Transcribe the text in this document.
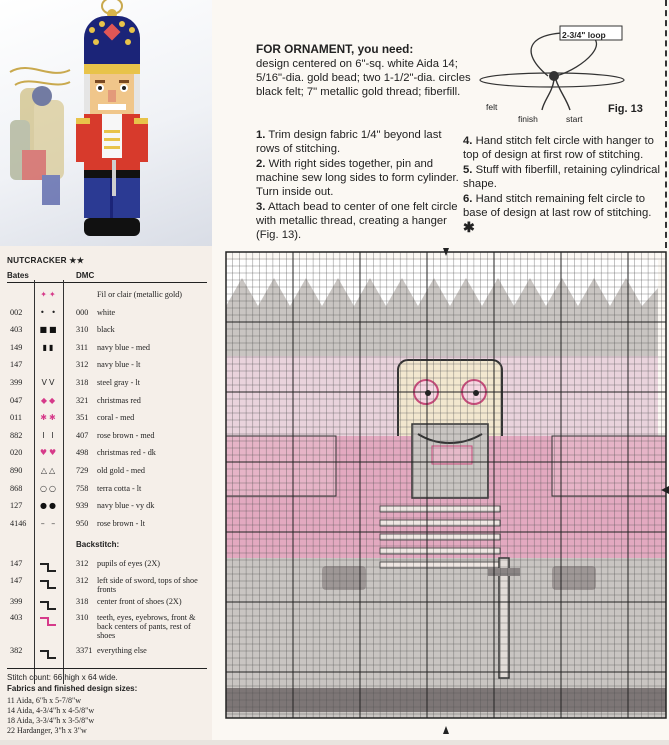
NUTCRACKER ★★
Bates	DMC
✦✦	Fil or clair (metallic gold)
002	• •	000	white
403	■■	310	black
149	▮▮	311	navy blue - med
147	312	navy blue - lt
399	VV	318	steel gray - lt
047	◆◆	321	christmas red
011	✱✱	351	coral - med
882	I I	407	rose brown - med
020	♥♥	498	christmas red - dk
890	△△	729	old gold - med
868	○○	758	terra cotta - lt
127	●●	939	navy blue - vy dk
4146	– –	950	rose brown - lt
Backstitch:
147	312	pupils of eyes (2X)
147	312	left side of sword, tops of shoe fronts
399	318	center front of shoes (2X)
403	310	teeth, eyes, eyebrows, front & back centers of pants, rest of shoes
382	3371 everything else
Stitch count: 66 high x 64 wide.
Fabrics and finished design sizes:
11 Aida, 6"h x 5-7/8"w
14 Aida, 4-3/4"h x 4-5/8"w
18 Aida, 3-3/4"h x 3-5/8"w
22 Hardanger, 3"h x 3"w
FOR ORNAMENT, you need:
design centered on 6"-sq. white Aida 14; 5/16"-dia. gold bead; two 1-1/2"-dia. circles black felt; 7" metallic gold thread; fiberfill.

1. Trim design fabric 1/4" beyond last rows of stitching.

2. With right sides together, pin and machine sew long sides to form cylinder. Turn inside out.

3. Attach bead to center of one felt circle with metallic thread, creating a hanger (Fig. 13).

4. Hand stitch felt circle with hanger to top of design at first row of stitching.

5. Stuff with fiberfill, retaining cylindrical shape.

6. Hand stitch remaining felt circle to base of design at last row of stitching. ✱

2-3/4" loop
felt
finish	start
Fig. 13
